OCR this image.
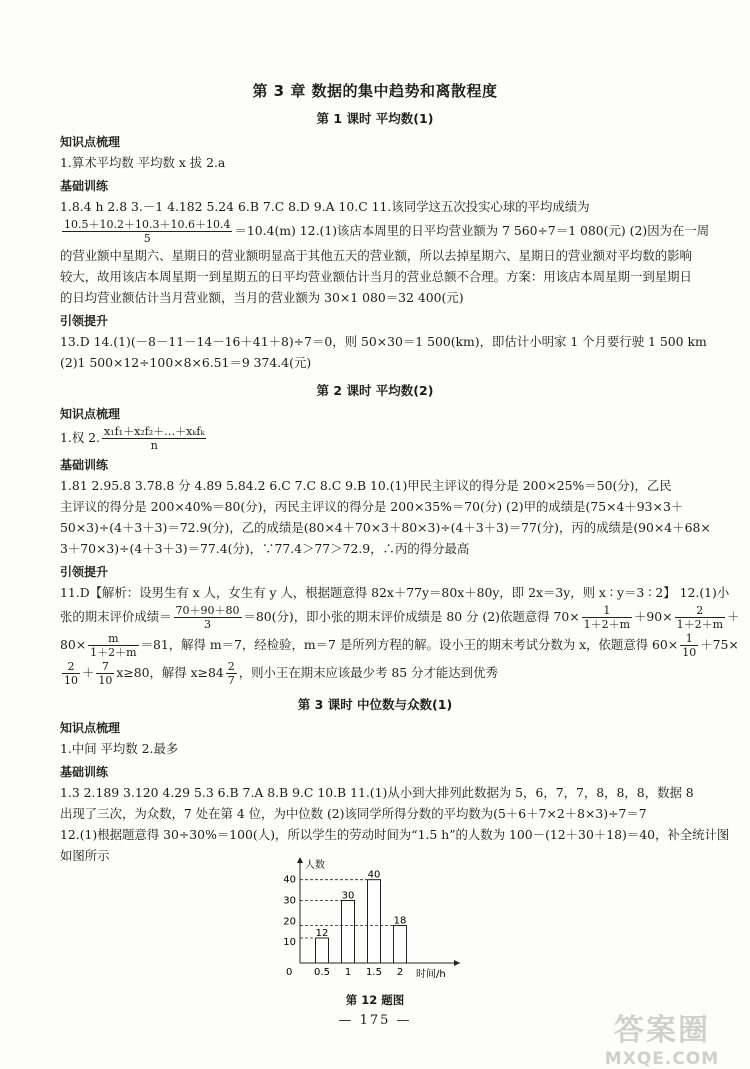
第 3 章 数据的集中趋势和离散程度
第 1 课时 平均数(1)
知识点梳理

1.算术平均数 平均数 x 拔 2.a

基础训练

1.8.4 h 2.8 3.－1 4.182 5.24 6.B 7.C 8.D 9.A 10.C 11.该同学这五次投实心球的平均成绩为

$\frac{10.5+10.2+10.3+10.6+10.4}{5} =10.4(m)$ 12.(1)该店本周里的日平均营业额为 7 560÷7＝1 080(元) (2)因为在一周

的营业额中星期六、星期日的营业额明显高于其他五天的营业额，所以去掉星期六、星期日的营业额对平均数的影响

较大，故用该店本周星期一到星期五的日平均营业额估计当月的营业总额不合理。方案：用该店本周星期一到星期日

的日均营业额估计当月营业额，当月的营业额为 30×1 080＝32 400(元)

引领提升

13.D 14.(1)(－8－11－14－16＋41＋8)÷7＝0，则 50×30＝1 500(km)，即估计小明家 1 个月要行驶 1 500 km

(2)1 500×12÷100×8×6.51＝9 374.4(元)

第 2 课时 平均数(2)
知识点梳理

1.权 2. $\frac{\text{x₁f₁＋x₂f₂＋…＋xₖfₖ}}{n}$

基础训练

1.81 2.95.8 3.78.8 分 4.89 5.84.2 6.C 7.C 8.C 9.B 10.(1)甲民主评议的得分是 200×25%＝50(分)，乙民

主评议的得分是 200×40%＝80(分)，丙民主评议的得分是 200×35%＝70(分) (2)甲的成绩是(75×4＋93×3＋

50×3)÷(4＋3＋3)＝72.9(分)，乙的成绩是(80×4＋70×3＋80×3)÷(4＋3＋3)＝77(分)，丙的成绩是(90×4＋68×

3＋70×3)÷(4＋3＋3)＝77.4(分)，∵77.4＞77＞72.9，∴丙的得分最高

引领提升

11.D【解析：设男生有 x 人，女生有 y 人，根据题意得 82x＋77y＝80x＋80y，即 2x＝3y，则 x ∶ y＝3 ∶ 2】 12.(1)小

张的期末评价成绩＝ $\frac{70+90+80}{3} =80$(分)，即小张的期末评价成绩是 80 分 (2)依题意得 $70\times \frac{1}{1+2+m} +90\times \frac{2}{1+2+m}$ ＋

$80\times \frac{m}{1+2+m} =81$，解得 m＝7，经检验，m＝7 是所列方程的解。设小王的期末考试分数为 x，依题意得 $60\times \frac{1}{10} +75\times$

$\frac{2}{10} + \frac{7}{10} x\ge 80$，解得 $x\ge 84 \frac{2}{7}$ ，则小王在期末应该最少考 85 分才能达到优秀

第 3 课时 中位数与众数(1)
知识点梳理

1.中间 平均数 2.最多

基础训练

1.3 2.189 3.120 4.29 5.3 6.B 7.A 8.B 9.C 10.B 11.(1)从小到大排列此数据为 5，6，7，7，8，8，8，数据 8

出现了三次，为众数，7 处在第 4 位，为中位数 (2)该同学所得分数的平均数为(5＋6＋7×2＋8×3)÷7＝7

12.(1)根据题意得 30÷30%＝100(人)，所以学生的劳动时间为“1.5 h”的人数为 100－(12＋30＋18)＝40，补全统计图

如图所示

人数
时间/h
0
10
20
30
40
12
0.5
30
1
40
1.5
18
2
第 12 题图
— 175 —	答案圈
MXQE.COM
